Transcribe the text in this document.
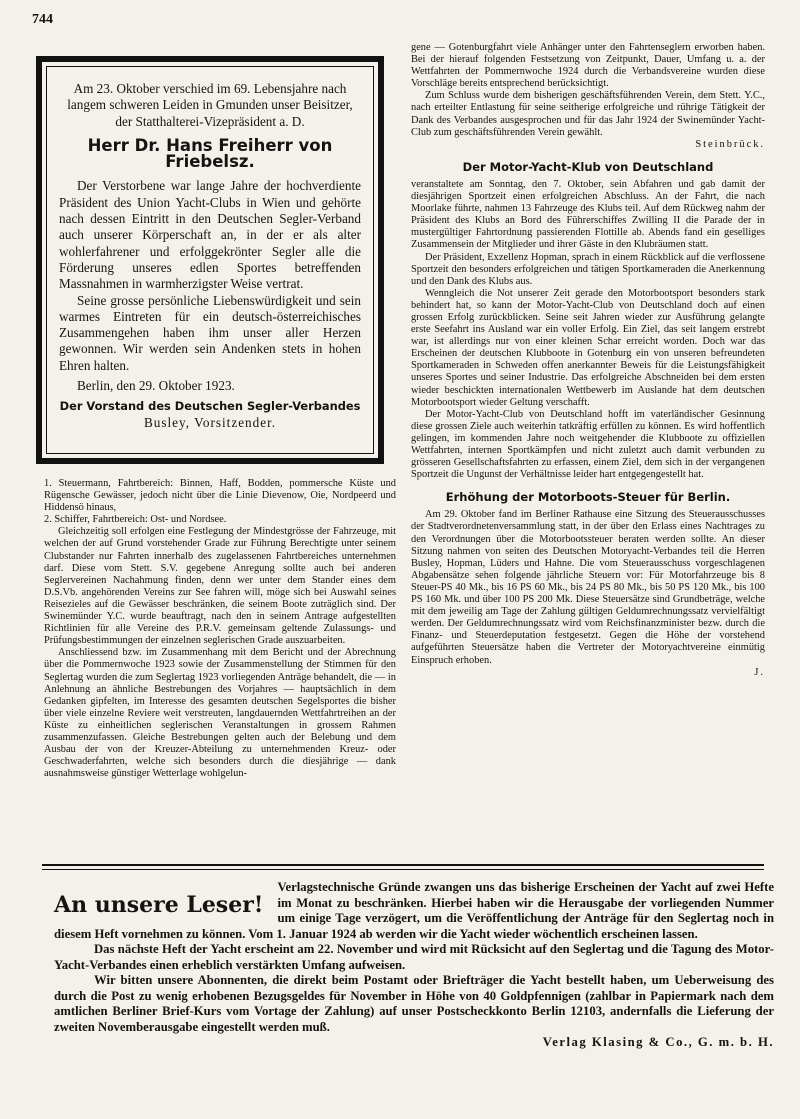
744

Am 23. Oktober verschied im 69. Lebensjahre nach langem schweren Leiden in Gmunden unser Beisitzer, der Statthalterei-Vizepräsident a. D.

Herr Dr. Hans Freiherr von Friebelsz.

Der Verstorbene war lange Jahre der hochverdiente Präsident des Union Yacht-Clubs in Wien und gehörte nach dessen Eintritt in den Deutschen Segler-Verband auch unserer Körperschaft an, in der er als alter wohlerfahrener und erfolggekrönter Segler alle die Förderung unseres edlen Sportes betreffenden Massnahmen in warmherzigster Weise vertrat.

Seine grosse persönliche Liebenswürdigkeit und sein warmes Eintreten für ein deutsch-österreichisches Zusammengehen haben ihm unser aller Herzen gewonnen. Wir werden sein Andenken stets in hohen Ehren halten.

Berlin, den 29. Oktober 1923.

Der Vorstand des Deutschen Segler-Verbandes

Busley, Vorsitzender.

1. Steuermann, Fahrtbereich: Binnen, Haff, Bodden, pommersche Küste und Rügensche Gewässer, jedoch nicht über die Linie Dievenow, Oie, Nordpeerd und Hiddensö hinaus,

2. Schiffer, Fahrtbereich: Ost- und Nordsee.

Gleichzeitig soll erfolgen eine Festlegung der Mindestgrösse der Fahrzeuge, mit welchen der auf Grund vorstehender Grade zur Führung Berechtigte unter seinem Clubstander nur Fahrten innerhalb des zugelassenen Fahrtbereiches unternehmen darf. Diese vom Stett. S.V. gegebene Anregung sollte auch bei anderen Seglervereinen Nachahmung finden, denn wer unter dem Stander eines dem D.S.Vb. angehörenden Vereins zur See fahren will, möge sich bei Auswahl seines Reisezieles auf die Gewässer beschränken, die seinem Boote zuträglich sind. Der Swinemünder Y.C. wurde beauftragt, nach den in seinem Antrage aufgestellten Richtlinien für alle Vereine des P.R.V. gemeinsam geltende Zulassungs- und Prüfungsbestimmungen der einzelnen seglerischen Grade auszuarbeiten.

Anschliessend bzw. im Zusammenhang mit dem Bericht und der Abrechnung über die Pommernwoche 1923 sowie der Zusammenstellung der Stimmen für den Seglertag wurden die zum Seglertag 1923 vorliegenden Anträge behandelt, die — in Anlehnung an ähnliche Bestrebungen des Vorjahres — hauptsächlich in dem Gedanken gipfelten, im Interesse des gesamten deutschen Segelsportes die bisher über viele einzelne Reviere weit verstreuten, langdauernden Wettfahrtreihen an der Küste zu einheitlichen seglerischen Veranstaltungen in grossem Rahmen zusammenzufassen. Gleiche Bestrebungen gelten auch der Belebung und dem Ausbau der von der Kreuzer-Abteilung zu unternehmenden Kreuz- oder Geschwaderfahrten, welche sich besonders durch die diesjährige — dank ausnahmsweise günstiger Wetterlage wohlgelun-

gene — Gotenburgfahrt viele Anhänger unter den Fahrtenseglern erworben haben. Bei der hierauf folgenden Festsetzung von Zeitpunkt, Dauer, Umfang u. a. der Wettfahrten der Pommernwoche 1924 durch die Verbandsvereine wurden diese Vorschläge bereits entsprechend berücksichtigt.

Zum Schluss wurde dem bisherigen geschäftsführenden Verein, dem Stett. Y.C., nach erteilter Entlastung für seine seitherige erfolgreiche und rührige Tätigkeit der Dank des Verbandes ausgesprochen und für das Jahr 1924 der Swinemünder Yacht-Club zum geschäftsführenden Verein gewählt.

Steinbrück.

Der Motor-Yacht-Klub von Deutschland

veranstaltete am Sonntag, den 7. Oktober, sein Abfahren und gab damit der diesjährigen Sportzeit einen erfolgreichen Abschluss. An der Fahrt, die nach Moorlake führte, nahmen 13 Fahrzeuge des Klubs teil. Auf dem Rückweg nahm der Präsident des Klubs an Bord des Führerschiffes Zwilling II die Parade der in mustergültiger Fahrtordnung passierenden Flottille ab. Abends fand ein geselliges Zusammensein der Mitglieder und ihrer Gäste in den Klubräumen statt.

Der Präsident, Exzellenz Hopman, sprach in einem Rückblick auf die verflossene Sportzeit den besonders erfolgreichen und tätigen Sportkameraden die Anerkennung und den Dank des Klubs aus.

Wenngleich die Not unserer Zeit gerade den Motorbootsport besonders stark behindert hat, so kann der Motor-Yacht-Club von Deutschland doch auf einen grossen Erfolg zurückblicken. Seine seit Jahren wieder zur Ausführung gelangte erste Seefahrt ins Ausland war ein voller Erfolg. Ein Ziel, das seit langem erstrebt war, ist allerdings nur von einer kleinen Schar erreicht worden. Doch war das Erscheinen der deutschen Klubboote in Gotenburg ein von unseren befreundeten Sportkameraden in Schweden offen anerkannter Beweis für die Leistungsfähigkeit unseres Sportes und seiner Industrie. Das erfolgreiche Abschneiden bei dem ersten wieder beschickten internationalen Wettbewerb im Auslande hat dem deutschen Motorbootsport wieder Geltung verschafft.

Der Motor-Yacht-Club von Deutschland hofft im vaterländischer Gesinnung diese grossen Ziele auch weiterhin tatkräftig erfüllen zu können. Es wird hoffentlich gelingen, im kommenden Jahre noch weitgehender die Klubboote zu offiziellen Wettfahrten, internen Sportkämpfen und nicht zuletzt auch damit verbunden zu grösseren Gesellschaftsfahrten zu erfassen, einem Ziel, dem sich in der vergangenen Sportzeit die Ungunst der Verhältnisse leider hart entgegengestellt hat.

Erhöhung der Motorboots-Steuer für Berlin.

Am 29. Oktober fand im Berliner Rathause eine Sitzung des Steuerausschusses der Stadtverordnetenversammlung statt, in der über den Erlass eines Nachtrages zu den Verordnungen über die Motorbootssteuer beraten werden sollte. An dieser Sitzung nahmen von seiten des Deutschen Motoryacht-Verbandes teil die Herren Busley, Hopman, Lüders und Hahne. Die vom Steuerausschuss vorgeschlagenen Abgabensätze sehen folgende jährliche Steuern vor: Für Motorfahrzeuge bis 8 Steuer-PS 40 Mk., bis 16 PS 60 Mk., bis 24 PS 80 Mk., bis 50 PS 120 Mk., bis 100 PS 160 Mk. und über 100 PS 200 Mk. Diese Steuersätze sind Grundbeträge, welche mit dem jeweilig am Tage der Zahlung gültigen Geldumrechnungssatz vervielfältigt werden. Der Geldumrechnungssatz wird vom Reichsfinanzminister bezw. durch die Finanz- und Steuerdeputation festgesetzt. Gegen die Höhe der vorstehend aufgeführten Steuersätze haben die Vertreter der Motoryachtvereine einmütig Einspruch erhoben.

J.

An unsere Leser!

Verlagstechnische Gründe zwangen uns das bisherige Erscheinen der Yacht auf zwei Hefte im Monat zu beschränken. Hierbei haben wir die Herausgabe der vorliegenden Nummer um einige Tage verzögert, um die Veröffentlichung der Anträge für den Seglertag noch in diesem Heft vornehmen zu können. Vom 1. Januar 1924 ab werden wir die Yacht wieder wöchentlich erscheinen lassen.

Das nächste Heft der Yacht erscheint am 22. November und wird mit Rücksicht auf den Seglertag und die Tagung des Motor-Yacht-Verbandes einen erheblich verstärkten Umfang aufweisen.

Wir bitten unsere Abonnenten, die direkt beim Postamt oder Briefträger die Yacht bestellt haben, um Ueberweisung des durch die Post zu wenig erhobenen Bezugsgeldes für November in Höhe von 40 Goldpfennigen (zahlbar in Papiermark nach dem amtlichen Berliner Brief-Kurs vom Vortage der Zahlung) auf unser Postscheckkonto Berlin 12103, andernfalls die Lieferung der zweiten Novemberausgabe eingestellt werden muß.

Verlag Klasing & Co., G. m. b. H.
